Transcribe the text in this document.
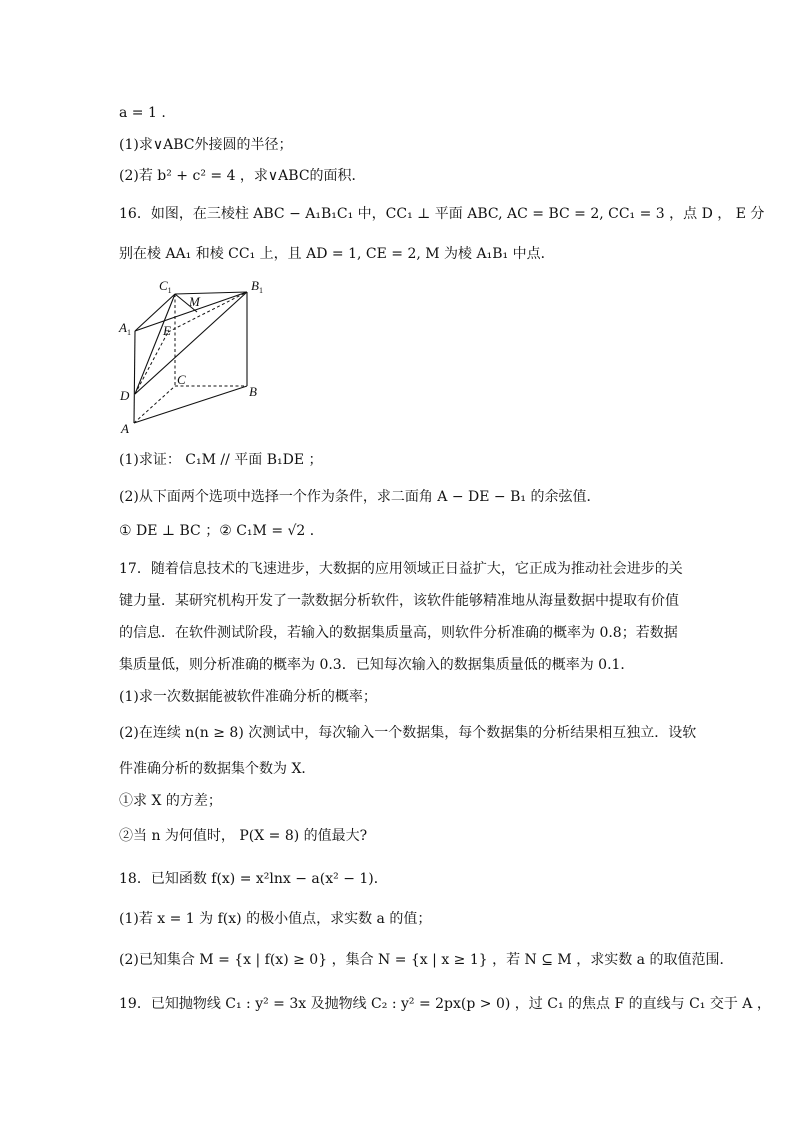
a = 1 .
(1)求∨ABC外接圆的半径；
(2)若 b² + c² = 4 ，求∨ABC的面积．
16．如图，在三棱柱 ABC − A₁B₁C₁ 中，CC₁ ⊥ 平面 ABC, AC = BC = 2, CC₁ = 3 ，点 D ， E 分
别在棱 AA₁ 和棱 CC₁ 上，且 AD = 1, CE = 2, M 为棱 A₁B₁ 中点．
$C_1$	$B_1$
M
$A_1$ E
C
B
D
A
(1)求证： C₁M // 平面 B₁DE ；
(2)从下面两个选项中选择一个作为条件，求二面角 A − DE − B₁ 的余弦值．
① DE ⊥ BC ；② C₁M = √2 ．
17．随着信息技术的飞速进步，大数据的应用领域正日益扩大，它正成为推动社会进步的关
键力量．某研究机构开发了一款数据分析软件，该软件能够精准地从海量数据中提取有价值
的信息．在软件测试阶段，若输入的数据集质量高，则软件分析准确的概率为 0.8；若数据
集质量低，则分析准确的概率为 0.3．已知每次输入的数据集质量低的概率为 0.1．
(1)求一次数据能被软件准确分析的概率；
(2)在连续 n(n ≥ 8) 次测试中，每次输入一个数据集，每个数据集的分析结果相互独立．设软
件准确分析的数据集个数为 X．
①求 X 的方差；
②当 n 为何值时， P(X = 8) 的值最大?
18．已知函数 f(x) = x²lnx − a(x² − 1)．
(1)若 x = 1 为 f(x) 的极小值点，求实数 a 的值；
(2)已知集合 M = {x | f(x) ≥ 0} ，集合 N = {x | x ≥ 1} ，若 N ⊆ M ，求实数 a 的取值范围．
19．已知抛物线 C₁ : y² = 3x 及抛物线 C₂ : y² = 2px(p > 0) ，过 C₁ 的焦点 F 的直线与 C₁ 交于 A ，
